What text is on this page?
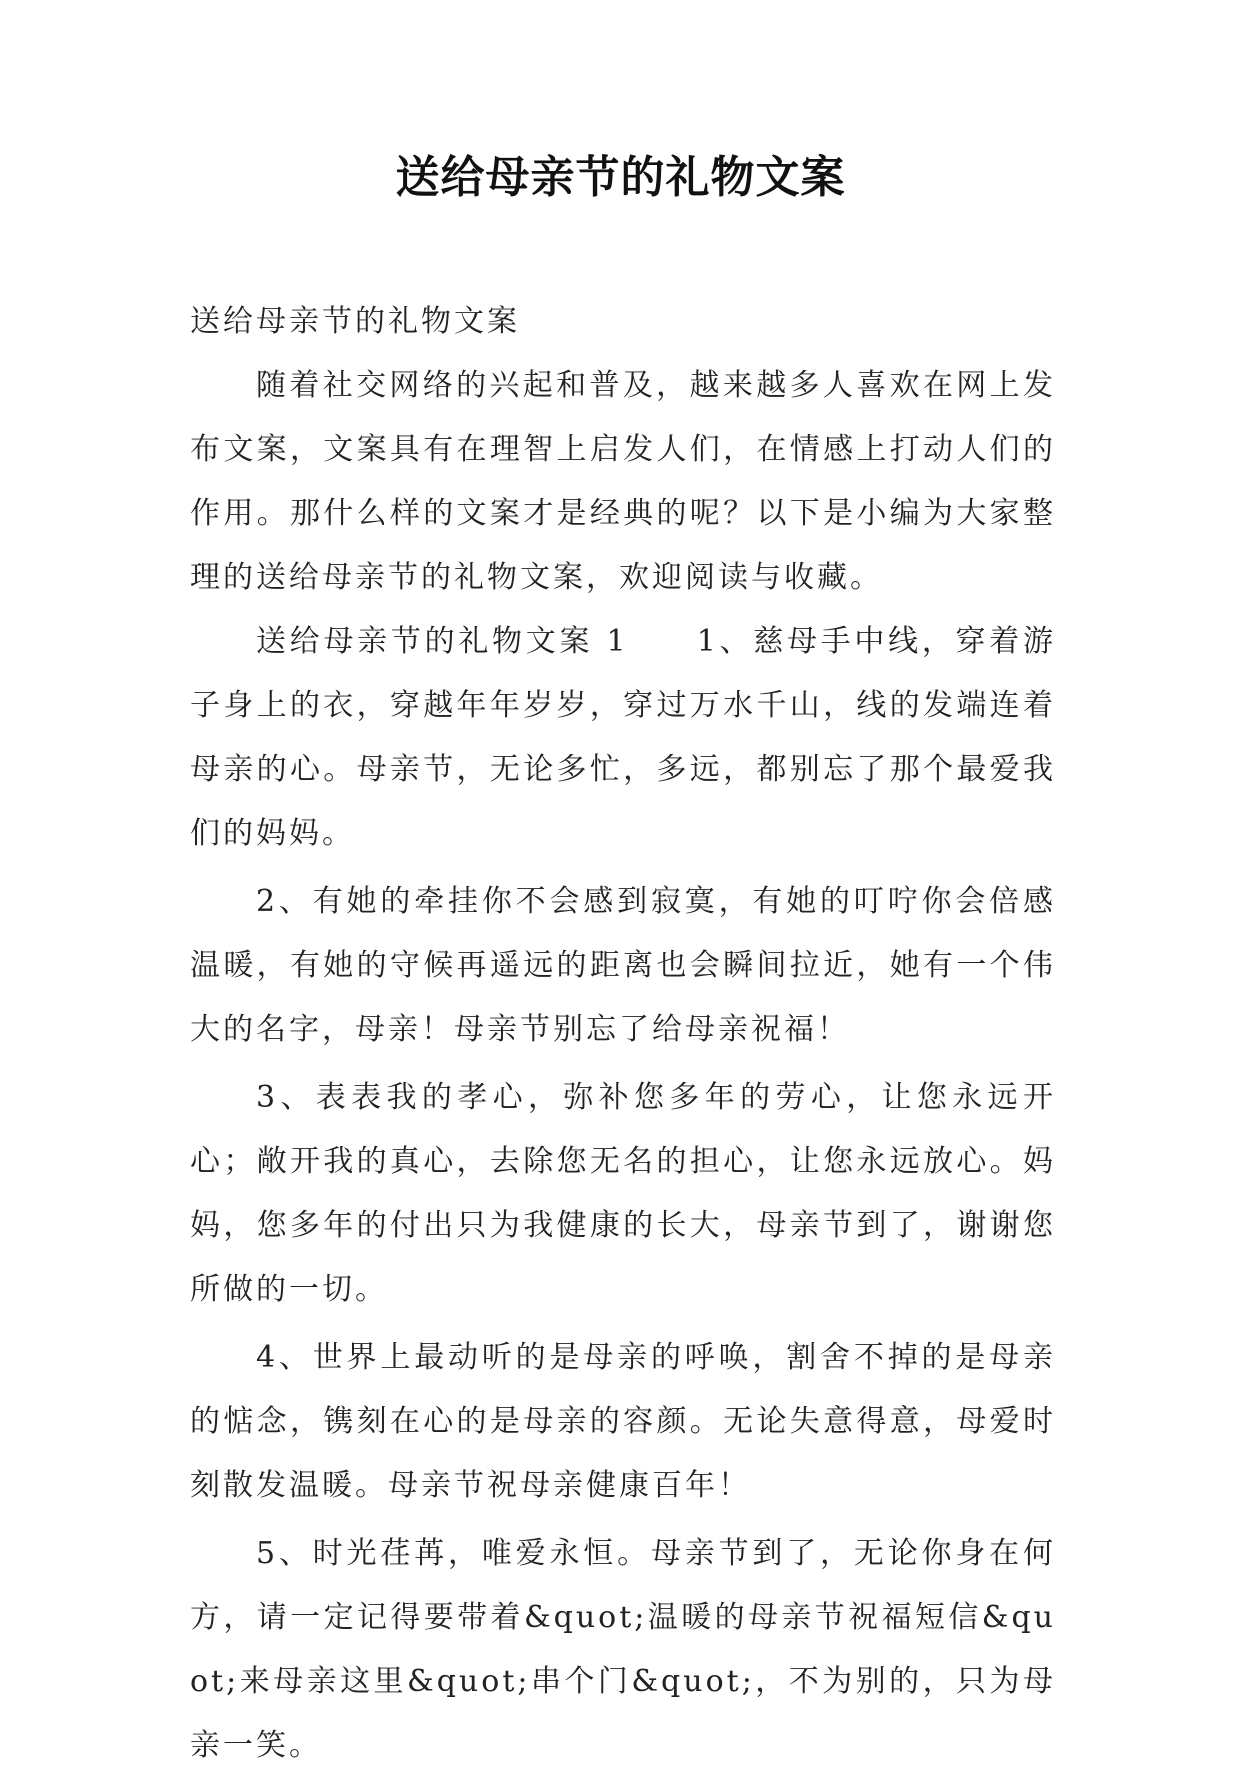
送给母亲节的礼物文案

送给母亲节的礼物文案

随着社交网络的兴起和普及，越来越多人喜欢在网上发布文案，文案具有在理智上启发人们，在情感上打动人们的作用。那什么样的文案才是经典的呢？以下是小编为大家整理的送给母亲节的礼物文案，欢迎阅读与收藏。

送给母亲节的礼物文案 1　　1、慈母手中线，穿着游子身上的衣，穿越年年岁岁，穿过万水千山，线的发端连着母亲的心。母亲节，无论多忙，多远，都别忘了那个最爱我们的妈妈。

2、有她的牵挂你不会感到寂寞，有她的叮咛你会倍感温暖，有她的守候再遥远的距离也会瞬间拉近，她有一个伟大的名字，母亲！母亲节别忘了给母亲祝福！

3、表表我的孝心，弥补您多年的劳心，让您永远开心；敞开我的真心，去除您无名的担心，让您永远放心。妈妈，您多年的付出只为我健康的长大，母亲节到了，谢谢您所做的一切。

4、世界上最动听的是母亲的呼唤，割舍不掉的是母亲的惦念，镌刻在心的是母亲的容颜。无论失意得意，母爱时刻散发温暖。母亲节祝母亲健康百年！

5、时光荏苒，唯爱永恒。母亲节到了，无论你身在何方，请一定记得要带着&quot;温暖的母亲节祝福短信&quot;来母亲这里&quot;串个门&quot;，不为别的，只为母亲一笑。
